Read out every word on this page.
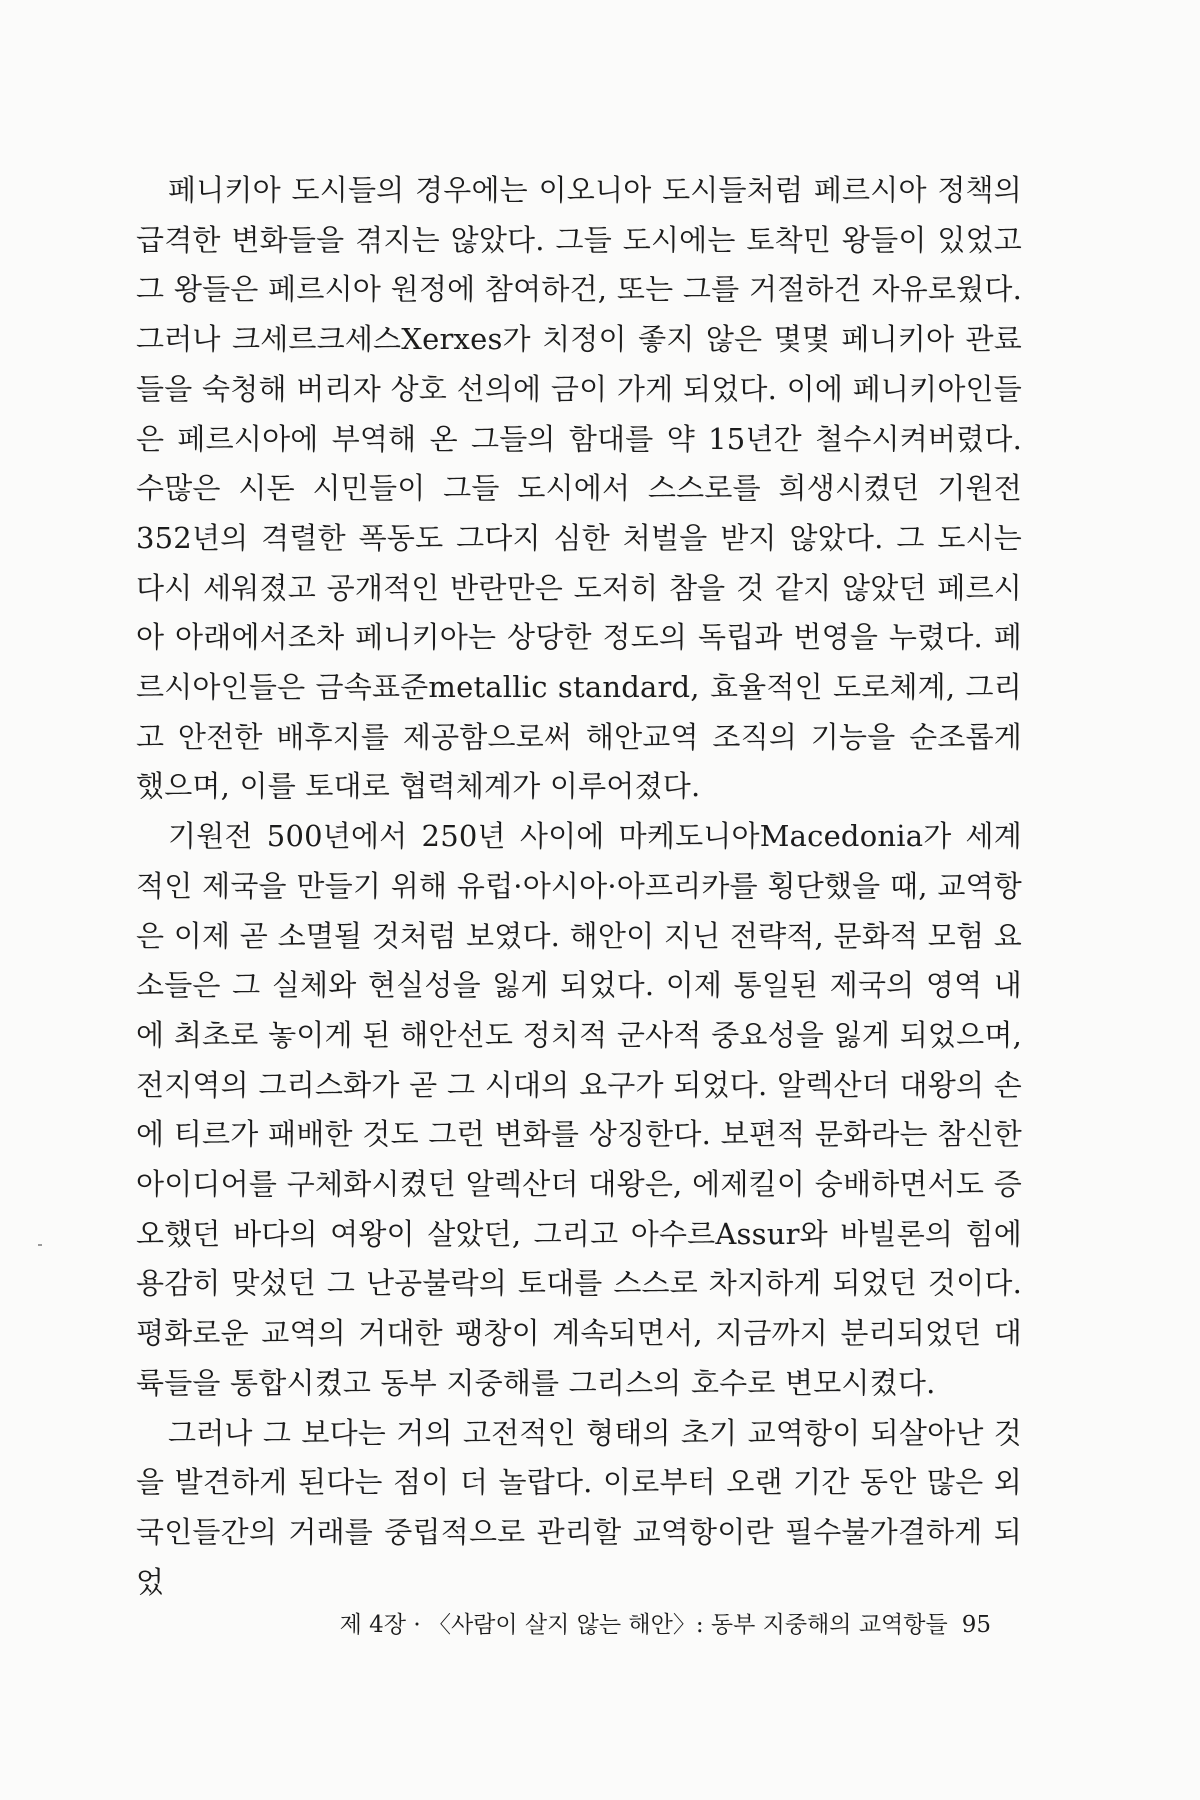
페니키아 도시들의 경우에는 이오니아 도시들처럼 페르시아 정책의 급격한 변화들을 겪지는 않았다. 그들 도시에는 토착민 왕들이 있었고 그 왕들은 페르시아 원정에 참여하건, 또는 그를 거절하건 자유로웠다. 그러나 크세르크세스Xerxes가 치정이 좋지 않은 몇몇 페니키아 관료들을 숙청해 버리자 상호 선의에 금이 가게 되었다. 이에 페니키아인들은 페르시아에 부역해 온 그들의 함대를 약 15년간 철수시켜버렸다. 수많은 시돈 시민들이 그들 도시에서 스스로를 희생시켰던 기원전 352년의 격렬한 폭동도 그다지 심한 처벌을 받지 않았다. 그 도시는 다시 세워졌고 공개적인 반란만은 도저히 참을 것 같지 않았던 페르시아 아래에서조차 페니키아는 상당한 정도의 독립과 번영을 누렸다. 페르시아인들은 금속표준metallic standard, 효율적인 도로체계, 그리고 안전한 배후지를 제공함으로써 해안교역 조직의 기능을 순조롭게 했으며, 이를 토대로 협력체계가 이루어졌다.

기원전 500년에서 250년 사이에 마케도니아Macedonia가 세계적인 제국을 만들기 위해 유럽·아시아·아프리카를 횡단했을 때, 교역항은 이제 곧 소멸될 것처럼 보였다. 해안이 지닌 전략적, 문화적 모험 요소들은 그 실체와 현실성을 잃게 되었다. 이제 통일된 제국의 영역 내에 최초로 놓이게 된 해안선도 정치적 군사적 중요성을 잃게 되었으며, 전지역의 그리스화가 곧 그 시대의 요구가 되었다. 알렉산더 대왕의 손에 티르가 패배한 것도 그런 변화를 상징한다. 보편적 문화라는 참신한 아이디어를 구체화시켰던 알렉산더 대왕은, 에제킬이 숭배하면서도 증오했던 바다의 여왕이 살았던, 그리고 아수르Assur와 바빌론의 힘에 용감히 맞섰던 그 난공불락의 토대를 스스로 차지하게 되었던 것이다. 평화로운 교역의 거대한 팽창이 계속되면서, 지금까지 분리되었던 대륙들을 통합시켰고 동부 지중해를 그리스의 호수로 변모시켰다.

그러나 그 보다는 거의 고전적인 형태의 초기 교역항이 되살아난 것을 발견하게 된다는 점이 더 놀랍다. 이로부터 오랜 기간 동안 많은 외국인들간의 거래를 중립적으로 관리할 교역항이란 필수불가결하게 되었

제 4장 · 〈사람이 살지 않는 해안〉: 동부 지중해의 교역항들 95
